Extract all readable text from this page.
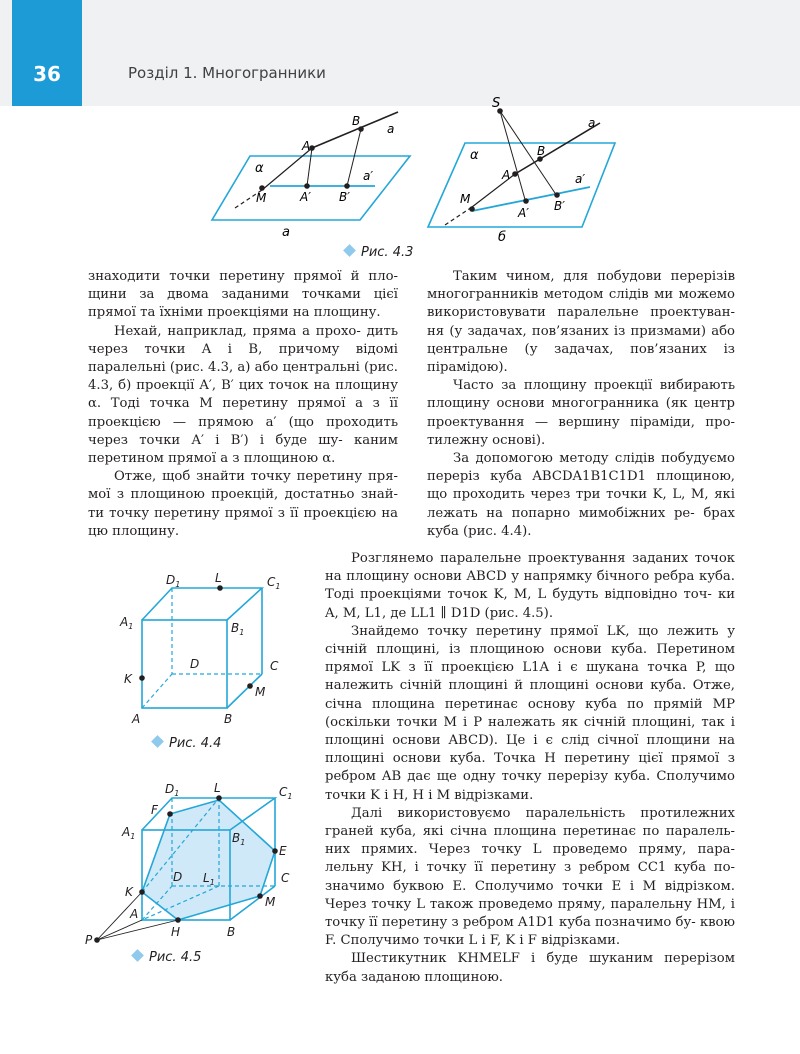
36	Розділ 1. Многогранники
α
a
a′
A
B
M	A′ B′
а
S
α
a
a′
A
B
M
A′ B′
б
Рис. 4.3

знаходити точки перетину прямої й пло- щини за двома заданими точками цієї прямої та їхніми проекціями на площину.

Нехай, наприклад, пряма a прохо- дить через точки A і B, причому відомі паралельні (рис. 4.3, а) або центральні (рис. 4.3, б) проекції A′, B′ цих точок на площину α. Тоді точка M перетину прямої a з її проекцією — прямою a′ (що проходить через точки A′ і B′) і буде шу- каним перетином прямої a з площиною α.

Отже, щоб знайти точку перетину пря- мої з площиною проекцій, достатньо знай- ти точку перетину прямої з її проекцією на цю площину.

Таким чином, для побудови перерізів многогранників методом слідів ми можемо використовувати паралельне проектуван- ня (у задачах, пов’язаних із призмами) або центральне (у задачах, пов’язаних із пірамідою).

Часто за площину проекції вибирають площину основи многогранника (як центр проектування — вершину піраміди, про- тилежну основі).

За допомогою методу слідів побудуємо переріз куба ABCDA1B1C1D1 площиною, що проходить через три точки K, L, M, які лежать на попарно мимобіжних ре- брах куба (рис. 4.4).

$D_1$	L	$C_1$
$A_1$	$B_1$
D	C
K
M
A	B
Рис. 4.4
$D_1$	L	$C_1$
F
$A_1$	$B_1$
E
D $L_1$	C
K
M
A
H	B
P
Рис. 4.5

Розглянемо паралельне проектування заданих точок на площину основи ABCD у напрямку бічного ребра куба. Тоді проекціями точок K, M, L будуть відповідно точ- ки A, M, L1, де LL1 ∥ D1D (рис. 4.5).

Знайдемо точку перетину прямої LK, що лежить у січній площині, із площиною основи куба. Перетином прямої LK з її проекцією L1A і є шукана точка P, що належить січній площині й площині основи куба. Отже, січна площина перетинає основу куба по прямій MP (оскільки точки M і P належать як січній площині, так і площині основи ABCD). Це і є слід січної площини на площині основи куба. Точка H перетину цієї прямої з ребром AB дає ще одну точку перерізу куба. Сполучимо точки K і H, H і M відрізками.

Далі використовуємо паралельність протилежних граней куба, які січна площина перетинає по паралель- них прямих. Через точку L проведемо пряму, пара- лельну KH, і точку її перетину з ребром CC1 куба по- значимо буквою E. Сполучимо точки E і M відрізком. Через точку L також проведемо пряму, паралельну HM, і точку її перетину з ребром A1D1 куба позначимо бу- квою F. Сполучимо точки L і F, K і F відрізками.

Шестикутник KHMELF і буде шуканим перерізом куба заданою площиною.
